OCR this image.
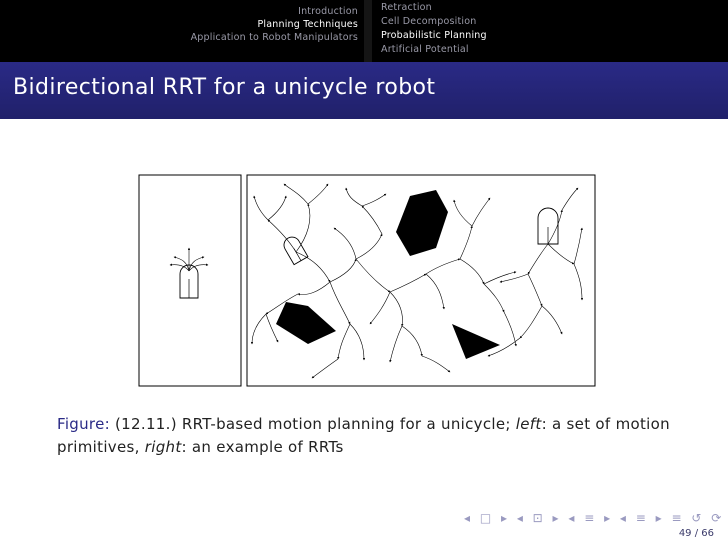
Introduction
Planning Techniques
Application to Robot Manipulators
Retraction
Cell Decomposition
Probabilistic Planning
Artificial Potential
Bidirectional RRT for a unicycle robot
Figure: (12.11.) RRT-based motion planning for a unicycle; left: a set of motion primitives, right: an example of RRTs
◂ □ ▸ ◂ ⊡ ▸ ◂ ≡ ▸ ◂ ≡ ▸ ≡ ↺ ⟳
49 / 66
